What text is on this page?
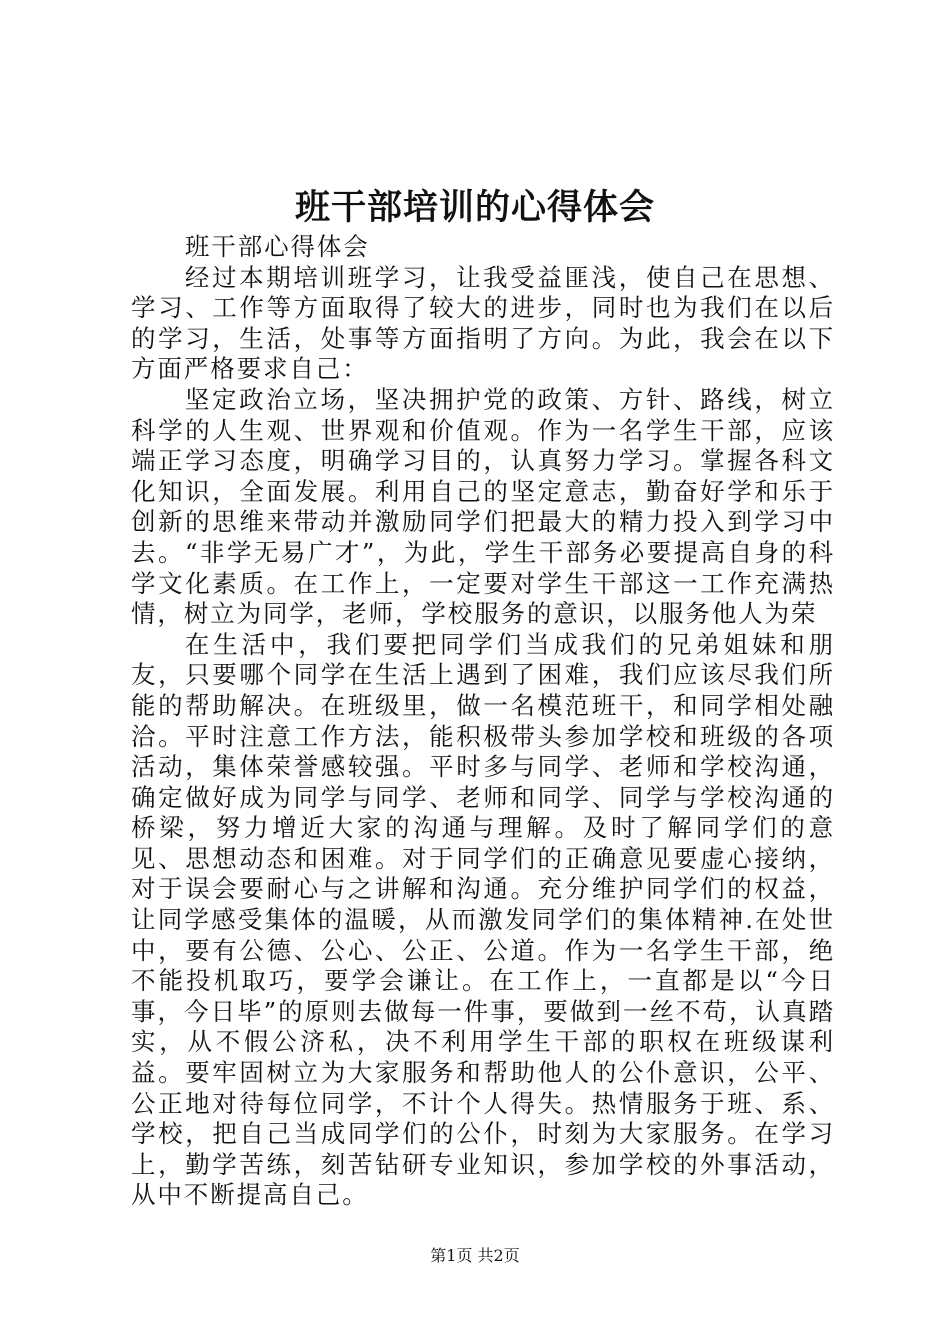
班干部培训的心得体会

班干部心得体会

经过本期培训班学习，让我受益匪浅，使自己在思想、学习、工作等方面取得了较大的进步，同时也为我们在以后的学习，生活，处事等方面指明了方向。为此，我会在以下方面严格要求自己：

坚定政治立场，坚决拥护党的政策、方针、路线，树立科学的人生观、世界观和价值观。作为一名学生干部，应该端正学习态度，明确学习目的，认真努力学习。掌握各科文化知识，全面发展。利用自己的坚定意志，勤奋好学和乐于创新的思维来带动并激励同学们把最大的精力投入到学习中去。“非学无易广才”，为此，学生干部务必要提高自身的科学文化素质。在工作上，一定要对学生干部这一工作充满热情，树立为同学，老师，学校服务的意识，以服务他人为荣

在生活中，我们要把同学们当成我们的兄弟姐妹和朋友，只要哪个同学在生活上遇到了困难，我们应该尽我们所能的帮助解决。在班级里，做一名模范班干，和同学相处融洽。平时注意工作方法，能积极带头参加学校和班级的各项活动，集体荣誉感较强。平时多与同学、老师和学校沟通，确定做好成为同学与同学、老师和同学、同学与学校沟通的桥梁，努力增近大家的沟通与理解。及时了解同学们的意见、思想动态和困难。对于同学们的正确意见要虚心接纳，对于误会要耐心与之讲解和沟通。充分维护同学们的权益，让同学感受集体的温暖，从而激发同学们的集体精神.在处世中，要有公德、公心、公正、公道。作为一名学生干部，绝不能投机取巧，要学会谦让。在工作上，一直都是以“今日事，今日毕”的原则去做每一件事，要做到一丝不苟，认真踏实，从不假公济私，决不利用学生干部的职权在班级谋利益。要牢固树立为大家服务和帮助他人的公仆意识，公平、公正地对待每位同学，不计个人得失。热情服务于班、系、学校，把自己当成同学们的公仆，时刻为大家服务。在学习上，勤学苦练，刻苦钻研专业知识，参加学校的外事活动，从中不断提高自己。

第1页 共2页
